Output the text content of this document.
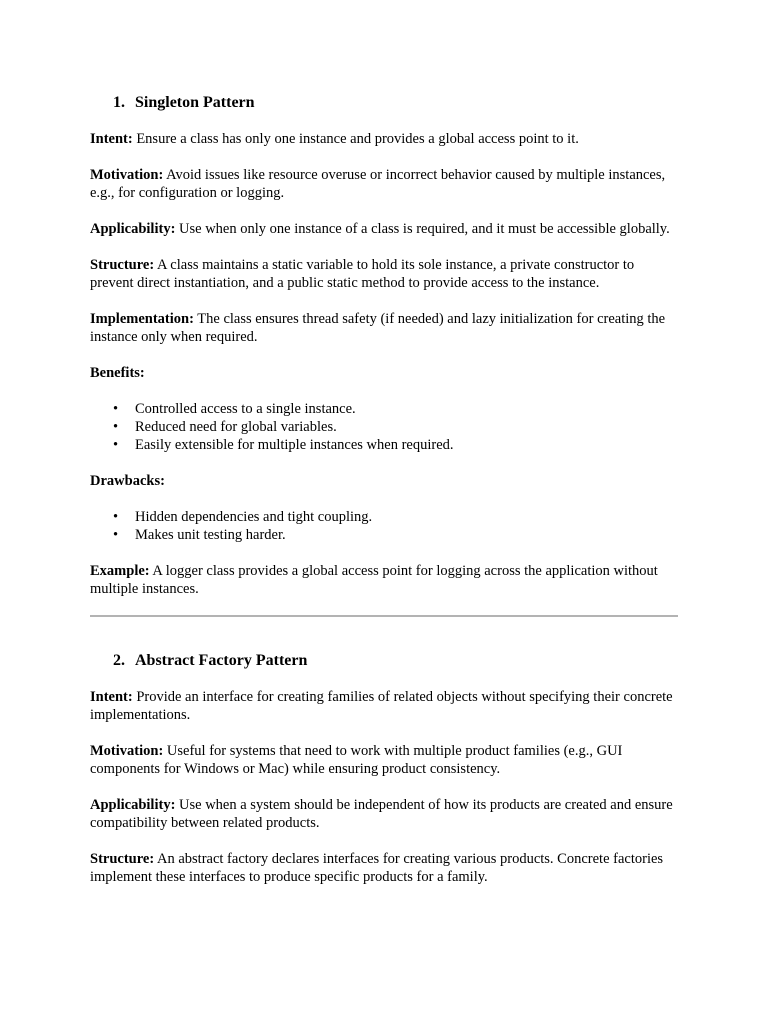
1. Singleton Pattern

Intent: Ensure a class has only one instance and provides a global access point to it.

Motivation: Avoid issues like resource overuse or incorrect behavior caused by multiple instances, e.g., for configuration or logging.

Applicability: Use when only one instance of a class is required, and it must be accessible globally.

Structure: A class maintains a static variable to hold its sole instance, a private constructor to prevent direct instantiation, and a public static method to provide access to the instance.

Implementation: The class ensures thread safety (if needed) and lazy initialization for creating the instance only when required.

Benefits:

• Controlled access to a single instance.
• Reduced need for global variables.
• Easily extensible for multiple instances when required.

Drawbacks:

• Hidden dependencies and tight coupling.
• Makes unit testing harder.

Example: A logger class provides a global access point for logging across the application without multiple instances.

2. Abstract Factory Pattern

Intent: Provide an interface for creating families of related objects without specifying their concrete implementations.

Motivation: Useful for systems that need to work with multiple product families (e.g., GUI components for Windows or Mac) while ensuring product consistency.

Applicability: Use when a system should be independent of how its products are created and ensure compatibility between related products.

Structure: An abstract factory declares interfaces for creating various products. Concrete factories implement these interfaces to produce specific products for a family.
